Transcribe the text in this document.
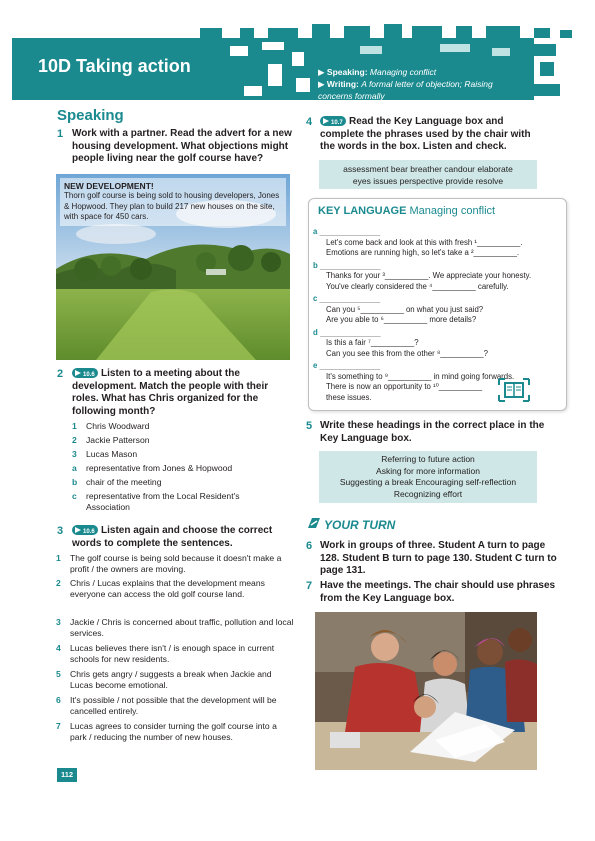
10D Taking action	▶ Speaking: Managing conflict
▶ Writing: A formal letter of objection; Raising concerns formally
Speaking
1 Work with a partner. Read the advert for a new housing development. What objections might people living near the golf course have?
NEW DEVELOPMENT!
Thorn golf course is being sold to housing developers, Jones & Hopwood. They plan to build 217 new houses on the site, with space for 450 cars.
2	10.6 Listen to a meeting about the development. Match the people with their roles. What has Chris organized for the following month?
1 Chris Woodward
2 Jackie Patterson
3 Lucas Mason
a representative from Jones & Hopwood
b chair of the meeting
c	representative from the Local Resident's Association
3	10.6 Listen again and choose the correct words to complete the sentences.
1 The golf course is being sold because it doesn't make a profit / the owners are moving.
2 Chris / Lucas explains that the development means everyone can access the old golf course land.
3 Jackie / Chris is concerned about traffic, pollution and local services.
4 Lucas believes there isn't / is enough space in current schools for new residents.
5 Chris gets angry / suggests a break when Jackie and Lucas become emotional.
6 It's possible / not possible that the development will be cancelled entirely.
7 Lucas agrees to consider turning the golf course into a park / reducing the number of new houses.
112
4	10.7 Read the Key Language box and complete the phrases used by the chair with the words in the box. Listen and check.
assessment bear breather candour elaborate
eyes issues perspective provide resolve
KEY LANGUAGE Managing conflict
a ______________
Let's come back and look at this with fresh ¹__________.
Emotions are running high, so let's take a ²__________.
b ______________
Thanks for your ³__________. We appreciate your honesty.
You've clearly considered the ⁴__________ carefully.
c ______________
Can you ⁵__________ on what you just said?
Are you able to ⁶__________ more details?
d ______________
Is this a fair ⁷__________?
Can you see this from the other ⁸__________?
e ______________
It's something to ⁹__________ in mind going forwards.
There is now an opportunity to ¹⁰__________
these issues.
5 Write these headings in the correct place in the Key Language box.
Referring to future action
Asking for more information
Suggesting a break Encouraging self-reflection
Recognizing effort
YOUR TURN
6 Work in groups of three. Student A turn to page 128. Student B turn to page 130. Student C turn to page 131.
7 Have the meetings. The chair should use phrases from the Key Language box.
